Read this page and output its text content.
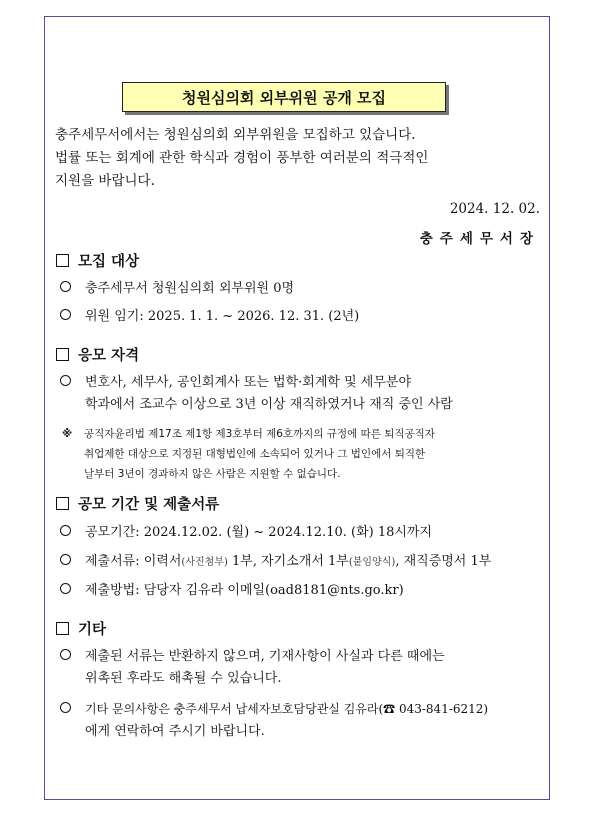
청원심의회 외부위원 공개 모집

충주세무서에서는 청원심의회 외부위원을 모집하고 있습니다.

법률 또는 회계에 관한 학식과 경험이 풍부한 여러분의 적극적인

지원을 바랍니다.

2024. 12. 02.
충주세무서장
모집 대상
충주세무서 청원심의회 외부위원 0명
위원 임기: 2025. 1. 1. ~ 2026. 12. 31. (2년)
응모 자격
변호사, 세무사, 공인회계사 또는 법학·회계학 및 세무분야
학과에서 조교수 이상으로 3년 이상 재직하였거나 재직 중인 사람
※	공직자윤리법 제17조 제1항 제3호부터 제6호까지의 규정에 따른 퇴직공직자
취업제한 대상으로 지정된 대형법인에 소속되어 있거나 그 법인에서 퇴직한
날부터 3년이 경과하지 않은 사람은 지원할 수 없습니다.
공모 기간 및 제출서류
공모기간: 2024.12.02. (월) ~ 2024.12.10. (화) 18시까지
제출서류: 이력서(사진첨부) 1부, 자기소개서 1부(붙임양식), 재직증명서 1부
제출방법: 담당자 김유라 이메일(oad8181@nts.go.kr)
기타
제출된 서류는 반환하지 않으며, 기재사항이 사실과 다른 때에는
위촉된 후라도 해촉될 수 있습니다.
기타 문의사항은 충주세무서 납세자보호담당관실 김유라(☎ 043-841-6212)
에게 연락하여 주시기 바랍니다.
